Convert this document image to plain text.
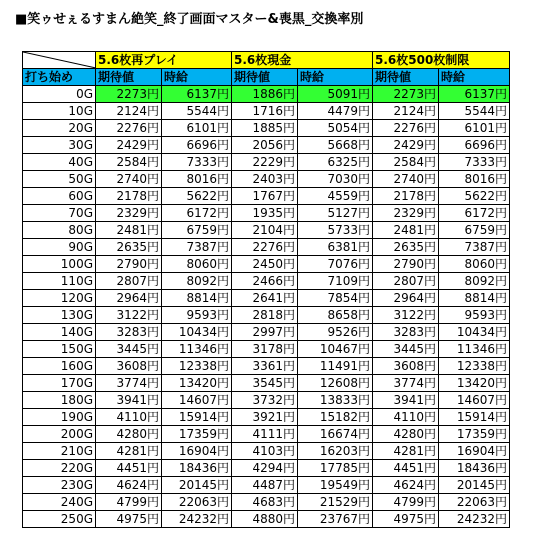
■笑ゥせぇるすまん絶笑_終了画面マスター&喪黒_交換率別
	5.6枚再プレイ		5.6枚現金		5.6枚500枚制限	
打ち始め	期待値	時給	期待値	時給	期待値	時給
0G	2273円	6137円	1886円	5091円	2273円	6137円
10G	2124円	5544円	1716円	4479円	2124円	5544円
20G	2276円	6101円	1885円	5054円	2276円	6101円
30G	2429円	6696円	2056円	5668円	2429円	6696円
40G	2584円	7333円	2229円	6325円	2584円	7333円
50G	2740円	8016円	2403円	7030円	2740円	8016円
60G	2178円	5622円	1767円	4559円	2178円	5622円
70G	2329円	6172円	1935円	5127円	2329円	6172円
80G	2481円	6759円	2104円	5733円	2481円	6759円
90G	2635円	7387円	2276円	6381円	2635円	7387円
100G	2790円	8060円	2450円	7076円	2790円	8060円
110G	2807円	8092円	2466円	7109円	2807円	8092円
120G	2964円	8814円	2641円	7854円	2964円	8814円
130G	3122円	9593円	2818円	8658円	3122円	9593円
140G	3283円	10434円	2997円	9526円	3283円	10434円
150G	3445円	11346円	3178円	10467円	3445円	11346円
160G	3608円	12338円	3361円	11491円	3608円	12338円
170G	3774円	13420円	3545円	12608円	3774円	13420円
180G	3941円	14607円	3732円	13833円	3941円	14607円
190G	4110円	15914円	3921円	15182円	4110円	15914円
200G	4280円	17359円	4111円	16674円	4280円	17359円
210G	4281円	16904円	4103円	16203円	4281円	16904円
220G	4451円	18436円	4294円	17785円	4451円	18436円
230G	4624円	20145円	4487円	19549円	4624円	20145円
240G	4799円	22063円	4683円	21529円	4799円	22063円
250G	4975円	24232円	4880円	23767円	4975円	24232円
